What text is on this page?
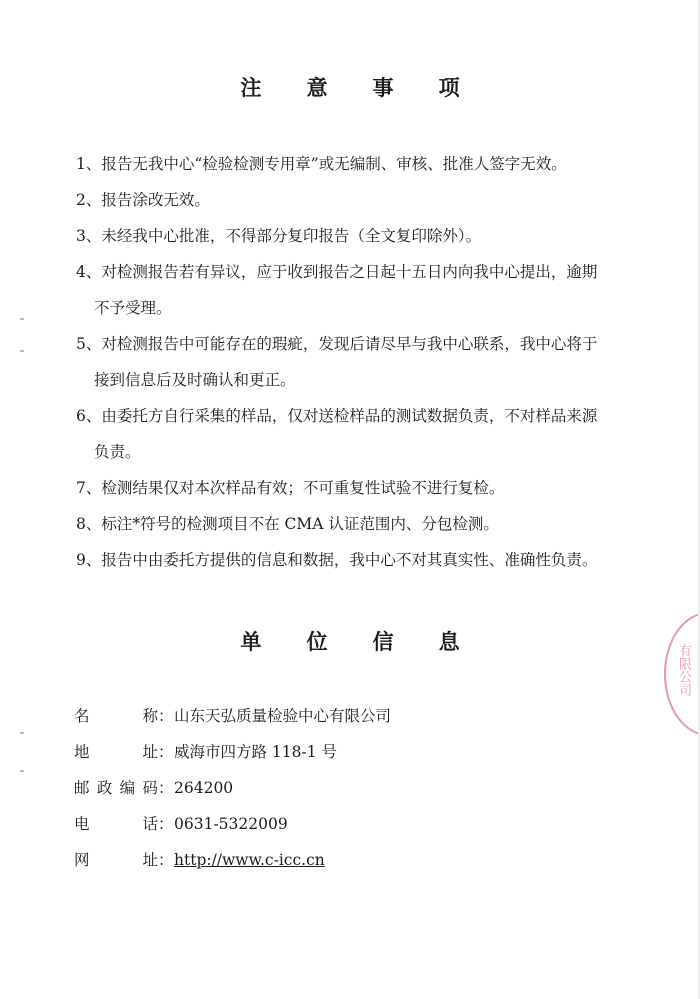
注 意 事 项
1、报告无我中心“检验检测专用章”或无编制、审核、批准人签字无效。
2、报告涂改无效。
3、未经我中心批准，不得部分复印报告（全文复印除外）。
4、对检测报告若有异议，应于收到报告之日起十五日内向我中心提出，逾期
不予受理。
5、对检测报告中可能存在的瑕疵，发现后请尽早与我中心联系，我中心将于
接到信息后及时确认和更正。
6、由委托方自行采集的样品，仅对送检样品的测试数据负责，不对样品来源
负责。
7、检测结果仅对本次样品有效；不可重复性试验不进行复检。
8、标注*符号的检测项目不在 CMA 认证范围内、分包检测。
9、报告中由委托方提供的信息和数据，我中心不对其真实性、准确性负责。
单 位 信 息
名 称：山东天弘质量检验中心有限公司
地 址：威海市四方路 118-1 号
邮政编码：264200
电 话：0631-5322009
网 址：http://www.c-icc.cn
有限公司
